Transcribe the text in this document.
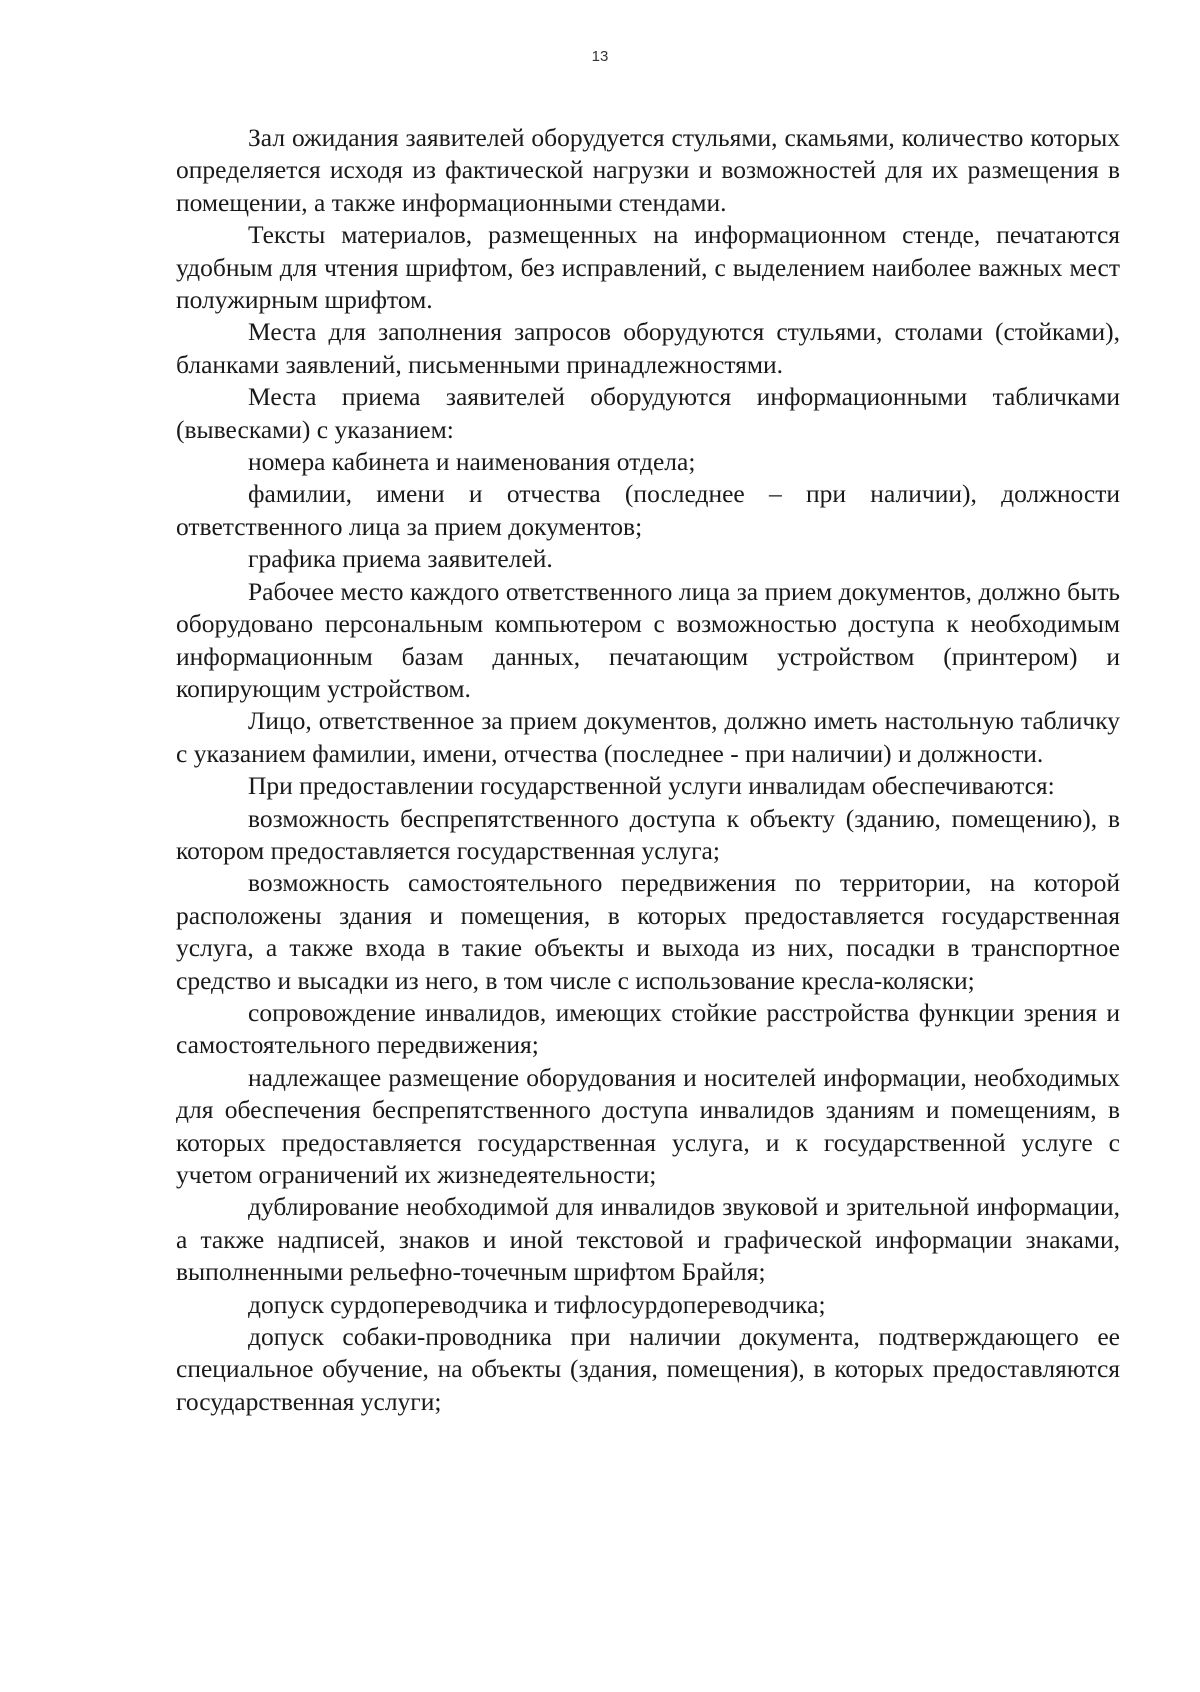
13

Зал ожидания заявителей оборудуется стульями, скамьями, количество которых определяется исходя из фактической нагрузки и возможностей для их размещения в помещении, а также информационными стендами.

Тексты материалов, размещенных на информационном стенде, печатаются удобным для чтения шрифтом, без исправлений, с выделением наиболее важных мест полужирным шрифтом.

Места для заполнения запросов оборудуются стульями, столами (стойками), бланками заявлений, письменными принадлежностями.

Места приема заявителей оборудуются информационными табличками (вывесками) с указанием:

номера кабинета и наименования отдела;

фамилии, имени и отчества (последнее – при наличии), должности ответственного лица за прием документов;

графика приема заявителей.

Рабочее место каждого ответственного лица за прием документов, должно быть оборудовано персональным компьютером с возможностью доступа к необходимым информационным базам данных, печатающим устройством (принтером) и копирующим устройством.

Лицо, ответственное за прием документов, должно иметь настольную табличку с указанием фамилии, имени, отчества (последнее - при наличии) и должности.

При предоставлении государственной услуги инвалидам обеспечиваются:

возможность беспрепятственного доступа к объекту (зданию, помещению), в котором предоставляется государственная услуга;

возможность самостоятельного передвижения по территории, на которой расположены здания и помещения, в которых предоставляется государственная услуга, а также входа в такие объекты и выхода из них, посадки в транспортное средство и высадки из него, в том числе с использование кресла-коляски;

сопровождение инвалидов, имеющих стойкие расстройства функции зрения и самостоятельного передвижения;

надлежащее размещение оборудования и носителей информации, необходимых для обеспечения беспрепятственного доступа инвалидов зданиям и помещениям, в которых предоставляется государственная услуга, и к государственной услуге с учетом ограничений их жизнедеятельности;

дублирование необходимой для инвалидов звуковой и зрительной информации, а также надписей, знаков и иной текстовой и графической информации знаками, выполненными рельефно-точечным шрифтом Брайля;

допуск сурдопереводчика и тифлосурдопереводчика;

допуск собаки-проводника при наличии документа, подтверждающего ее специальное обучение, на объекты (здания, помещения), в которых предоставляются государственная услуги;
